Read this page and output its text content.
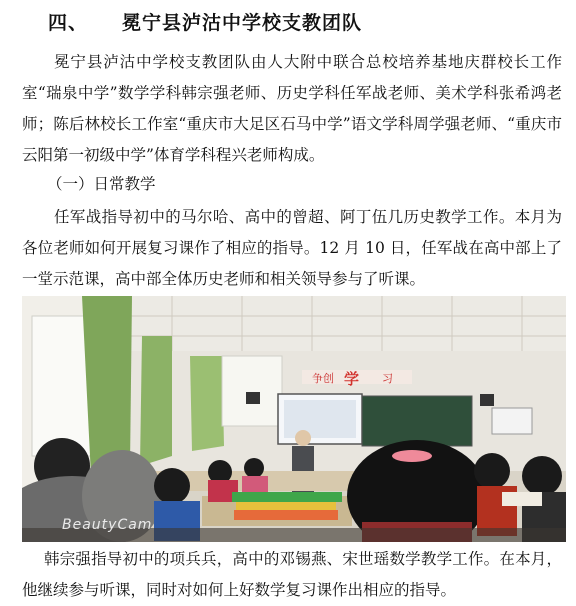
四、 冕宁县泸沽中学校支教团队

冕宁县泸沽中学校支教团队由人大附中联合总校培养基地庆群校长工作室“瑞泉中学”数学学科韩宗强老师、历史学科任军战老师、美术学科张希鸿老师；陈后林校长工作室“重庆市大足区石马中学”语文学科周学强老师、“重庆市云阳第一初级中学”体育学科程兴老师构成。

（一）日常教学

任军战指导初中的马尔哈、高中的曾超、阿丁伍几历史教学工作。本月为各位老师如何开展复习课作了相应的指导。12 月 10 日，任军战在高中部上了一堂示范课，高中部全体历史老师和相关领导参与了听课。

争创 学 习
BeautyCam

韩宗强指导初中的项兵兵，高中的邓锡燕、宋世瑶数学教学工作。在本月，他继续参与听课，同时对如何上好数学复习课作出相应的指导。
